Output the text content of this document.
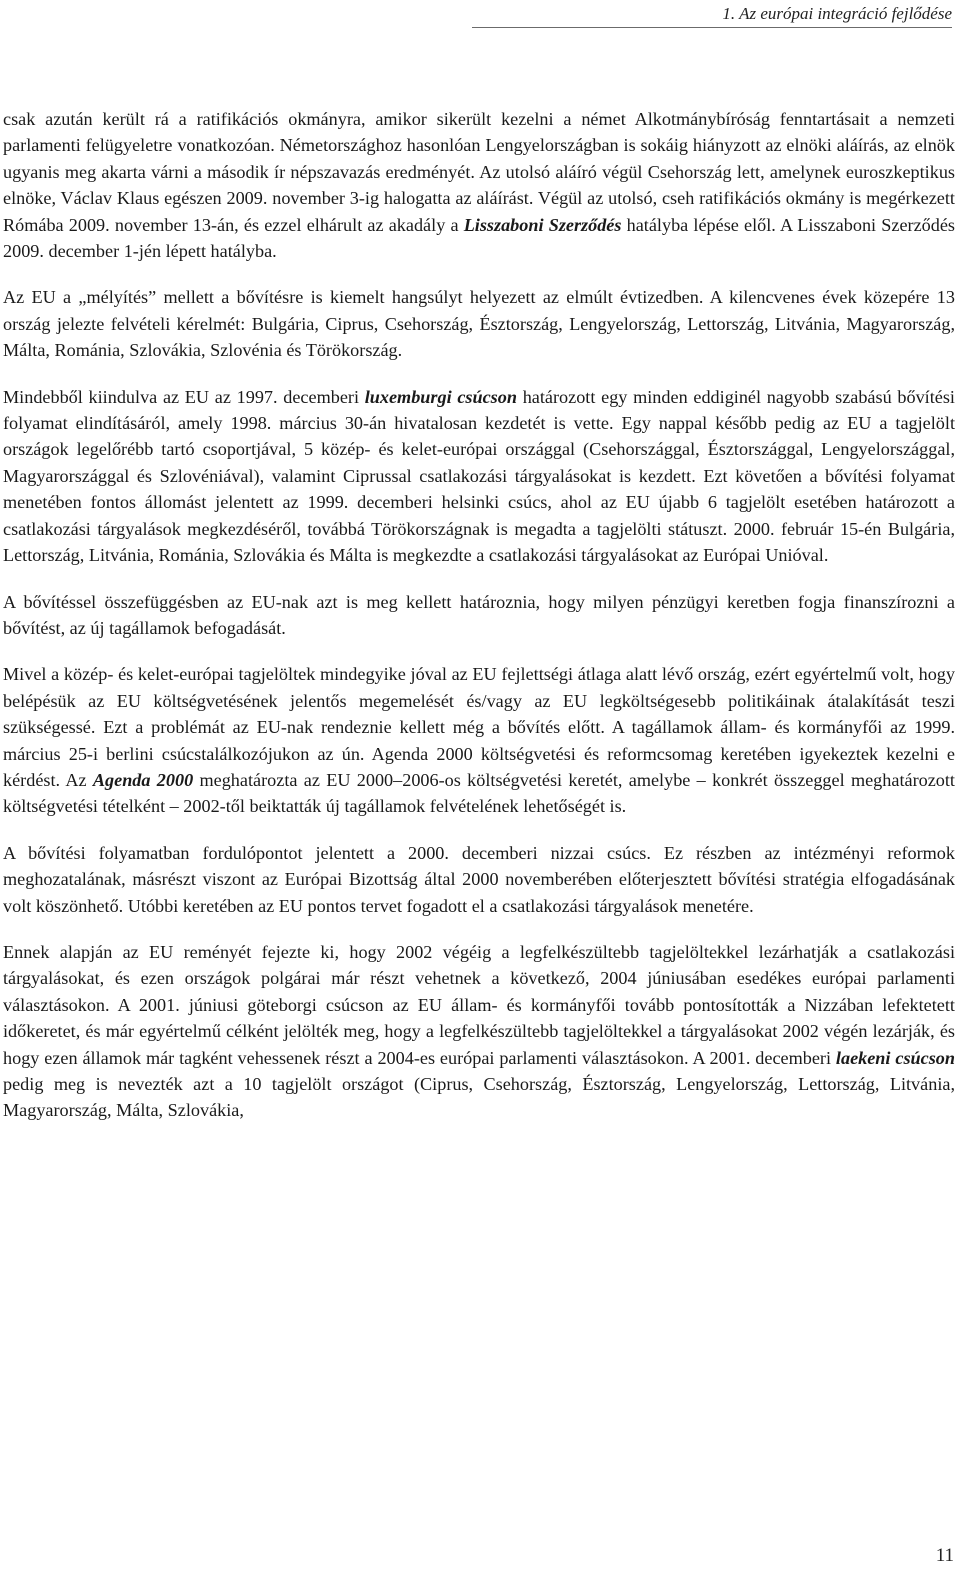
1. Az európai integráció fejlődése

csak azután került rá a ratifikációs okmányra, amikor sikerült kezelni a német Alkotmánybíróság fenntartásait a nemzeti parlamenti felügyeletre vonatkozóan. Németországhoz hasonlóan Lengyelországban is sokáig hiányzott az elnöki aláírás, az elnök ugyanis meg akarta várni a második ír népszavazás eredményét. Az utolsó aláíró végül Csehország lett, amelynek euroszkeptikus elnöke, Václav Klaus egészen 2009. november 3-ig halogatta az aláírást. Végül az utolsó, cseh ratifikációs okmány is megérkezett Rómába 2009. november 13-án, és ezzel elhárult az akadály a Lisszaboni Szerződés hatályba lépése elől. A Lisszaboni Szerződés 2009. december 1-jén lépett hatályba.

Az EU a „mélyítés” mellett a bővítésre is kiemelt hangsúlyt helyezett az elmúlt évtizedben. A kilencvenes évek közepére 13 ország jelezte felvételi kérelmét: Bulgária, Ciprus, Csehország, Észtország, Lengyelország, Lettország, Litvánia, Magyarország, Málta, Románia, Szlovákia, Szlovénia és Törökország.

Mindebből kiindulva az EU az 1997. decemberi luxemburgi csúcson határozott egy minden eddiginél nagyobb szabású bővítési folyamat elindításáról, amely 1998. március 30-án hivatalosan kezdetét is vette. Egy nappal később pedig az EU a tagjelölt országok legelőrébb tartó csoportjával, 5 közép- és kelet-európai országgal (Csehországgal, Észtországgal, Lengyelországgal, Magyarországgal és Szlovéniával), valamint Ciprussal csatlakozási tárgyalásokat is kezdett. Ezt követően a bővítési folyamat menetében fontos állomást jelentett az 1999. decemberi helsinki csúcs, ahol az EU újabb 6 tagjelölt esetében határozott a csatlakozási tárgyalások megkezdéséről, továbbá Törökországnak is megadta a tagjelölti státuszt. 2000. február 15-én Bulgária, Lettország, Litvánia, Románia, Szlovákia és Málta is megkezdte a csatlakozási tárgyalásokat az Európai Unióval.

A bővítéssel összefüggésben az EU-nak azt is meg kellett határoznia, hogy milyen pénzügyi keretben fogja finanszírozni a bővítést, az új tagállamok befogadását.

Mivel a közép- és kelet-európai tagjelöltek mindegyike jóval az EU fejlettségi átlaga alatt lévő ország, ezért egyértelmű volt, hogy belépésük az EU költségvetésének jelentős megemelését és/vagy az EU legköltségesebb politikáinak átalakítását teszi szükségessé. Ezt a problémát az EU-nak rendeznie kellett még a bővítés előtt. A tagállamok állam- és kormányfői az 1999. március 25-i berlini csúcstalálkozójukon az ún. Agenda 2000 költségvetési és reformcsomag keretében igyekeztek kezelni e kérdést. Az Agenda 2000 meghatározta az EU 2000–2006-os költségvetési keretét, amelybe – konkrét összeggel meghatározott költségvetési tételként – 2002-től beiktatták új tagállamok felvételének lehetőségét is.

A bővítési folyamatban fordulópontot jelentett a 2000. decemberi nizzai csúcs. Ez részben az intézményi reformok meghozatalának, másrészt viszont az Európai Bizottság által 2000 novemberében előterjesztett bővítési stratégia elfogadásának volt köszönhető. Utóbbi keretében az EU pontos tervet fogadott el a csatlakozási tárgyalások menetére.

Ennek alapján az EU reményét fejezte ki, hogy 2002 végéig a legfelkészültebb tagjelöltekkel lezárhatják a csatlakozási tárgyalásokat, és ezen országok polgárai már részt vehetnek a következő, 2004 júniusában esedékes európai parlamenti választásokon. A 2001. júniusi göteborgi csúcson az EU állam- és kormányfői tovább pontosították a Nizzában lefektetett időkeretet, és már egyértelmű célként jelölték meg, hogy a legfelkészültebb tagjelöltekkel a tárgyalásokat 2002 végén lezárják, és hogy ezen államok már tagként vehessenek részt a 2004-es európai parlamenti választásokon. A 2001. decemberi laekeni csúcson pedig meg is nevezték azt a 10 tagjelölt országot (Ciprus, Csehország, Észtország, Lengyelország, Lettország, Litvánia, Magyarország, Málta, Szlovákia,

11
